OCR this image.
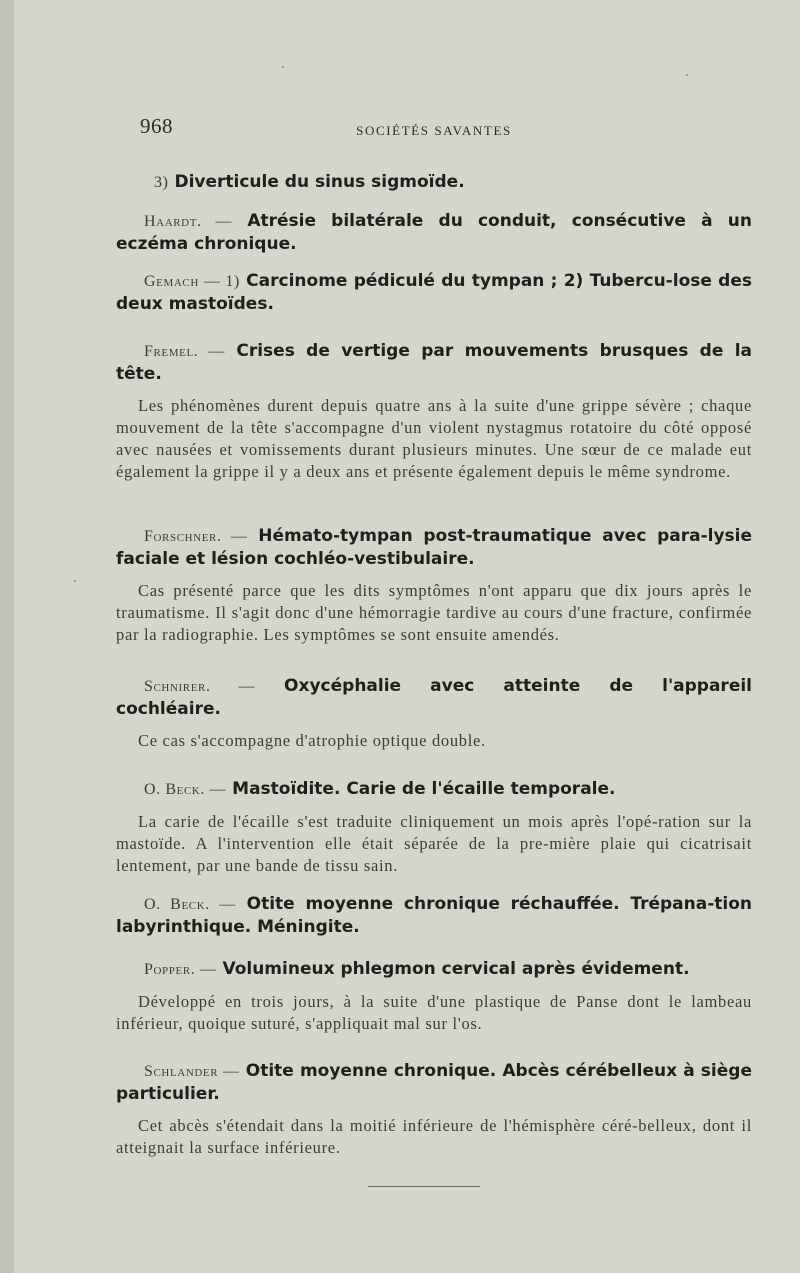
968	SOCIÉTÉS SAVANTES
3) Diverticule du sinus sigmoïde.
Haardt. — Atrésie bilatérale du conduit, consécutive à un eczéma chronique.
Gemach — 1) Carcinome pédiculé du tympan ; 2) Tubercu-lose des deux mastoïdes.
Fremel. — Crises de vertige par mouvements brusques de la tête.
Les phénomènes durent depuis quatre ans à la suite d'une grippe sévère ; chaque mouvement de la tête s'accompagne d'un violent nystagmus rotatoire du côté opposé avec nausées et vomissements durant plusieurs minutes. Une sœur de ce malade eut également la grippe il y a deux ans et présente également depuis le même syndrome.
Forschner. — Hémato-tympan post-traumatique avec para-lysie faciale et lésion cochléo-vestibulaire.
Cas présenté parce que les dits symptômes n'ont apparu que dix jours après le traumatisme. Il s'agit donc d'une hémorragie tardive au cours d'une fracture, confirmée par la radiographie. Les symptômes se sont ensuite amendés.
Schnirer. — Oxycéphalie avec atteinte de l'appareil cochléaire.
Ce cas s'accompagne d'atrophie optique double.
O. Beck. — Mastoïdite. Carie de l'écaille temporale.
La carie de l'écaille s'est traduite cliniquement un mois après l'opé-ration sur la mastoïde. A l'intervention elle était séparée de la pre-mière plaie qui cicatrisait lentement, par une bande de tissu sain.
O. Beck. — Otite moyenne chronique réchauffée. Trépana-tion labyrinthique. Méningite.
Popper. — Volumineux phlegmon cervical après évidement.
Développé en trois jours, à la suite d'une plastique de Panse dont le lambeau inférieur, quoique suturé, s'appliquait mal sur l'os.
Schlander — Otite moyenne chronique. Abcès cérébelleux à siège particulier.
Cet abcès s'étendait dans la moitié inférieure de l'hémisphère céré-belleux, dont il atteignait la surface inférieure.
